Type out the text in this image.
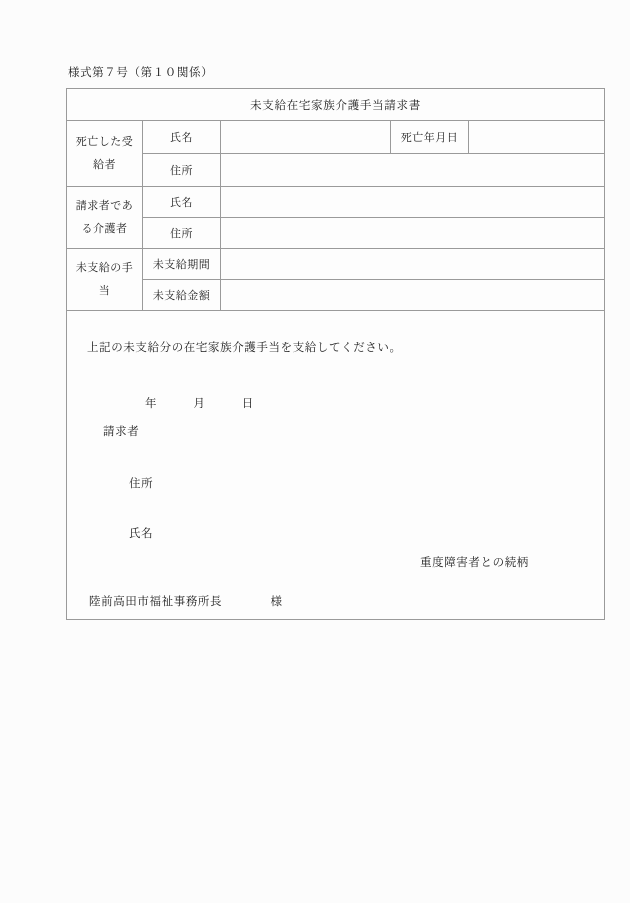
様式第７号（第１０関係）
未支給在宅家族介護手当請求書
死亡した受
給者
氏名	死亡年月日
住所
請求者であ
る介護者
氏名
住所
未支給の手
当
未支給期間
未支給金額
上記の未支給分の在宅家族介護手当を支給してください。
年　　　月　　　日
請求者
住所
氏名
重度障害者との続柄
陸前高田市福祉事務所長　　　　様
